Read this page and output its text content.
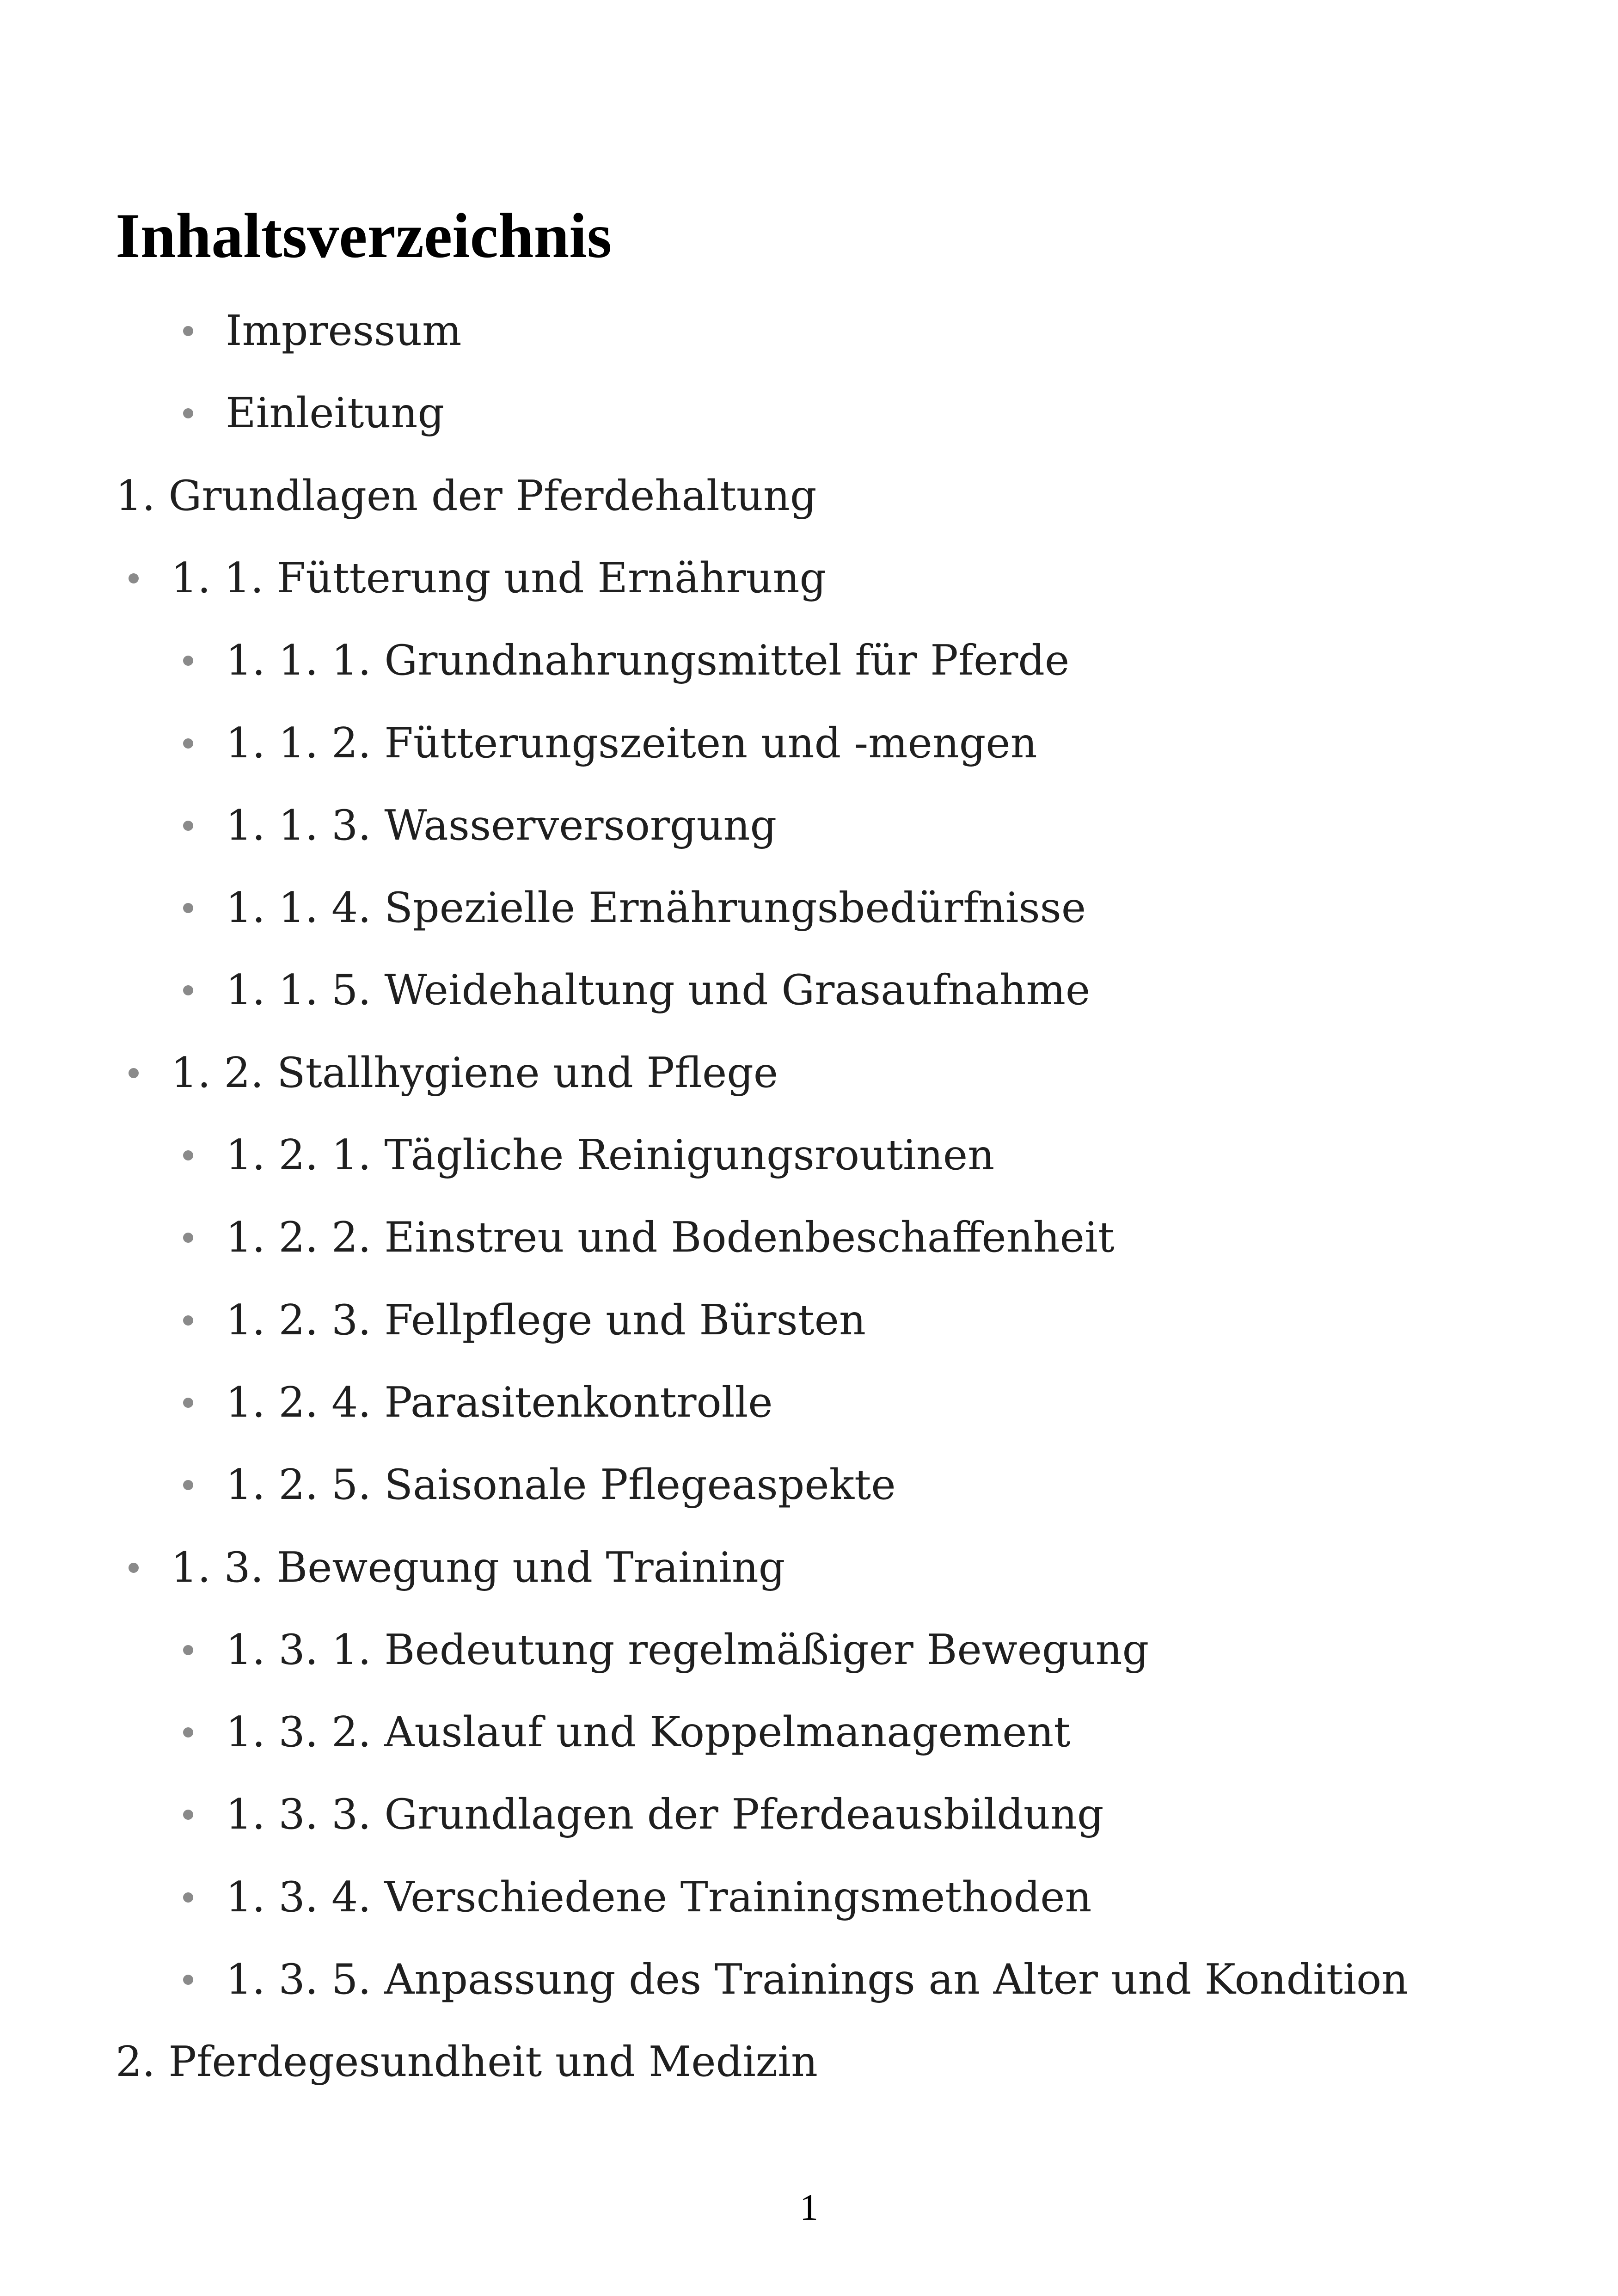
Inhaltsverzeichnis
Impressum
Einleitung
1. Grundlagen der Pferdehaltung
1. 1. Fütterung und Ernährung
1. 1. 1. Grundnahrungsmittel für Pferde
1. 1. 2. Fütterungszeiten und -mengen
1. 1. 3. Wasserversorgung
1. 1. 4. Spezielle Ernährungsbedürfnisse
1. 1. 5. Weidehaltung und Grasaufnahme
1. 2. Stallhygiene und Pflege
1. 2. 1. Tägliche Reinigungsroutinen
1. 2. 2. Einstreu und Bodenbeschaffenheit
1. 2. 3. Fellpflege und Bürsten
1. 2. 4. Parasitenkontrolle
1. 2. 5. Saisonale Pflegeaspekte
1. 3. Bewegung und Training
1. 3. 1. Bedeutung regelmäßiger Bewegung
1. 3. 2. Auslauf und Koppelmanagement
1. 3. 3. Grundlagen der Pferdeausbildung
1. 3. 4. Verschiedene Trainingsmethoden
1. 3. 5. Anpassung des Trainings an Alter und Kondition
2. Pferdegesundheit und Medizin
1
